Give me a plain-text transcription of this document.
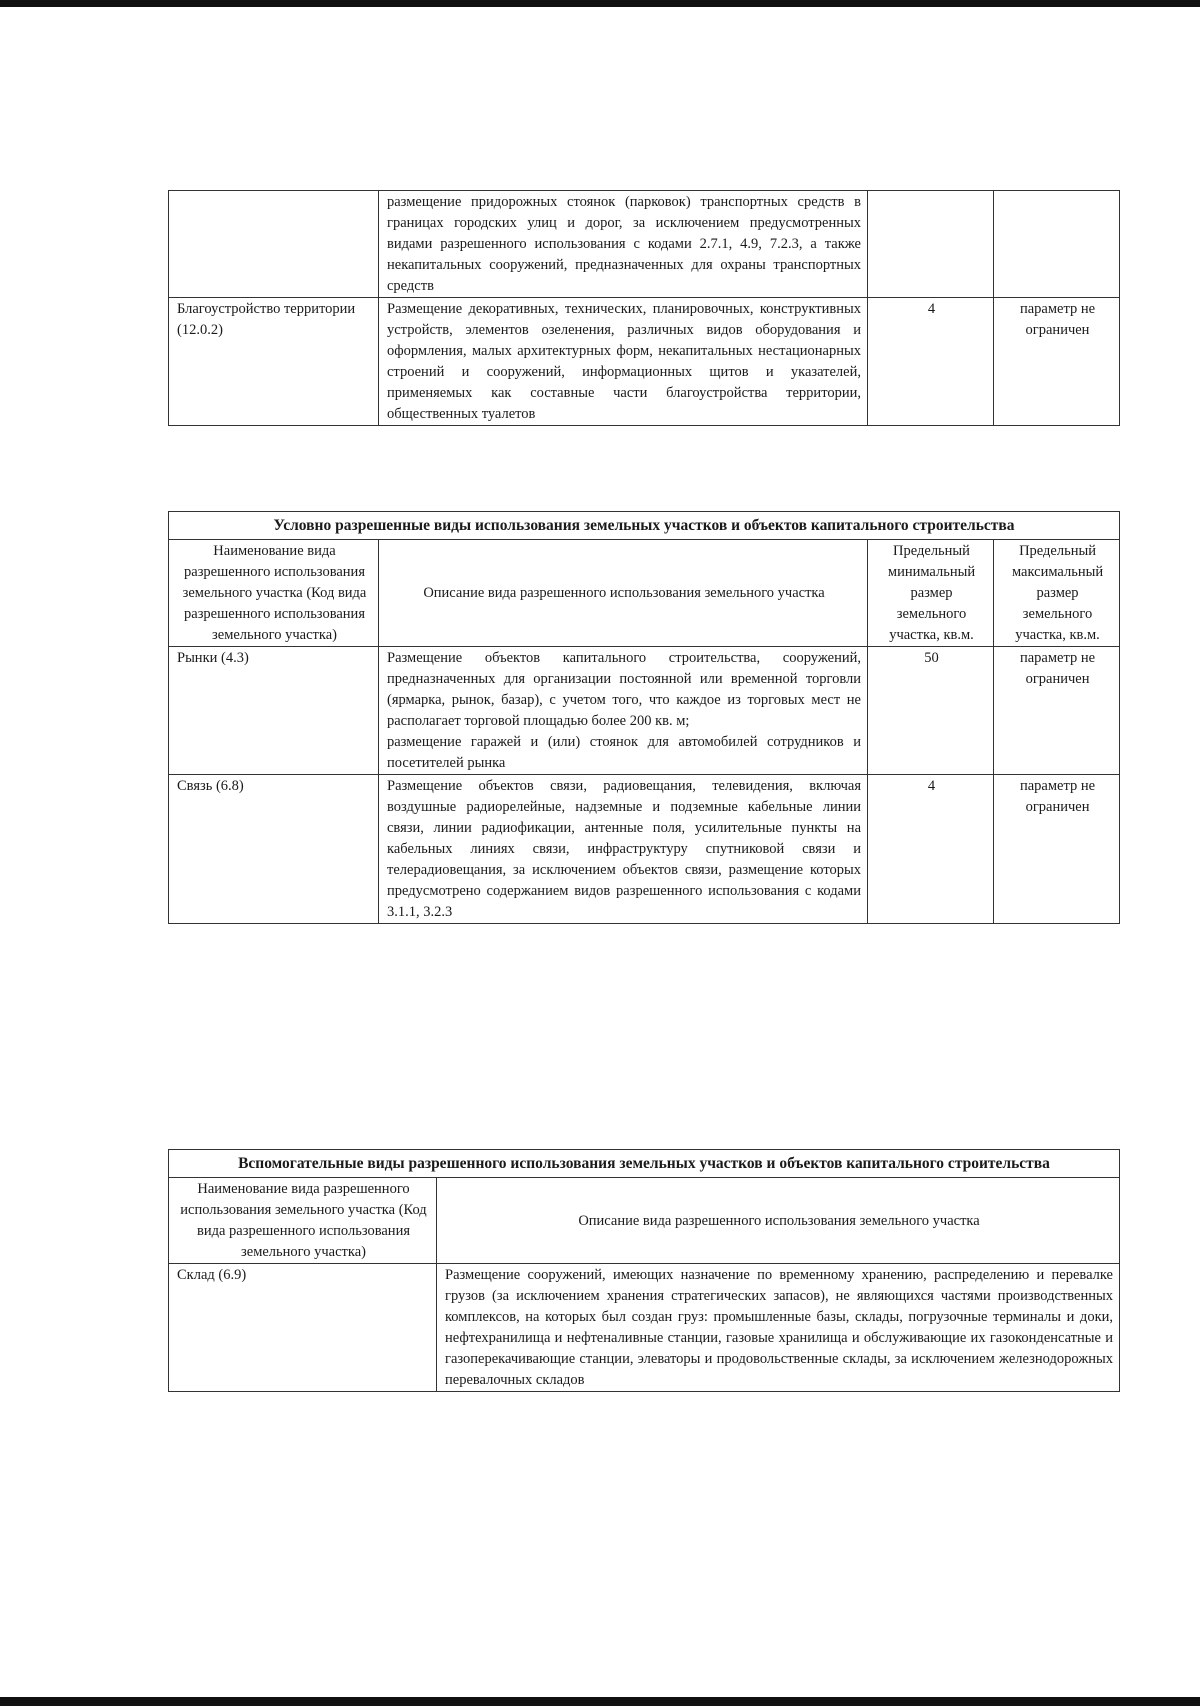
	размещение придорожных стоянок (парковок) транспортных средств в границах городских улиц и дорог, за исключением предусмотренных видами разрешенного использования с кодами 2.7.1, 4.9, 7.2.3, а также некапитальных сооружений, предназначенных для охраны транспортных средств		
Благоустройство территории (12.0.2)	Размещение декоративных, технических, планировочных, конструктивных устройств, элементов озеленения, различных видов оборудования и оформления, малых архитектурных форм, некапитальных нестационарных строений и сооружений, информационных щитов и указателей, применяемых как составные части благоустройства территории, общественных туалетов	4	параметр не ограничен
Условно разрешенные виды использования земельных участков и объектов капитального строительства			
Наименование вида разрешенного использования земельного участка (Код вида разрешенного использования земельного участка)	Описание вида разрешенного использования земельного участка	Предельный минимальный размер земельного участка, кв.м.	Предельный максимальный размер земельного участка, кв.м.
Рынки (4.3)	Размещение объектов капитального строительства, сооружений, предназначенных для организации постоянной или временной торговли (ярмарка, рынок, базар), с учетом того, что каждое из торговых мест не располагает торговой площадью более 200 кв. м;
размещение гаражей и (или) стоянок для автомобилей сотрудников и посетителей рынка	50	параметр не ограничен
Связь (6.8)	Размещение объектов связи, радиовещания, телевидения, включая воздушные радиорелейные, надземные и подземные кабельные линии связи, линии радиофикации, антенные поля, усилительные пункты на кабельных линиях связи, инфраструктуру спутниковой связи и телерадиовещания, за исключением объектов связи, размещение которых предусмотрено содержанием видов разрешенного использования с кодами 3.1.1, 3.2.3	4	параметр не ограничен
Вспомогательные виды разрешенного использования земельных участков и объектов капитального строительства	
Наименование вида разрешенного использования земельного участка (Код вида разрешенного использования земельного участка)	Описание вида разрешенного использования земельного участка
Склад (6.9)	Размещение сооружений, имеющих назначение по временному хранению, распределению и перевалке грузов (за исключением хранения стратегических запасов), не являющихся частями производственных комплексов, на которых был создан груз: промышленные базы, склады, погрузочные терминалы и доки, нефтехранилища и нефтеналивные станции, газовые хранилища и обслуживающие их газоконденсатные и газоперекачивающие станции, элеваторы и продовольственные склады, за исключением железнодорожных перевалочных складов
